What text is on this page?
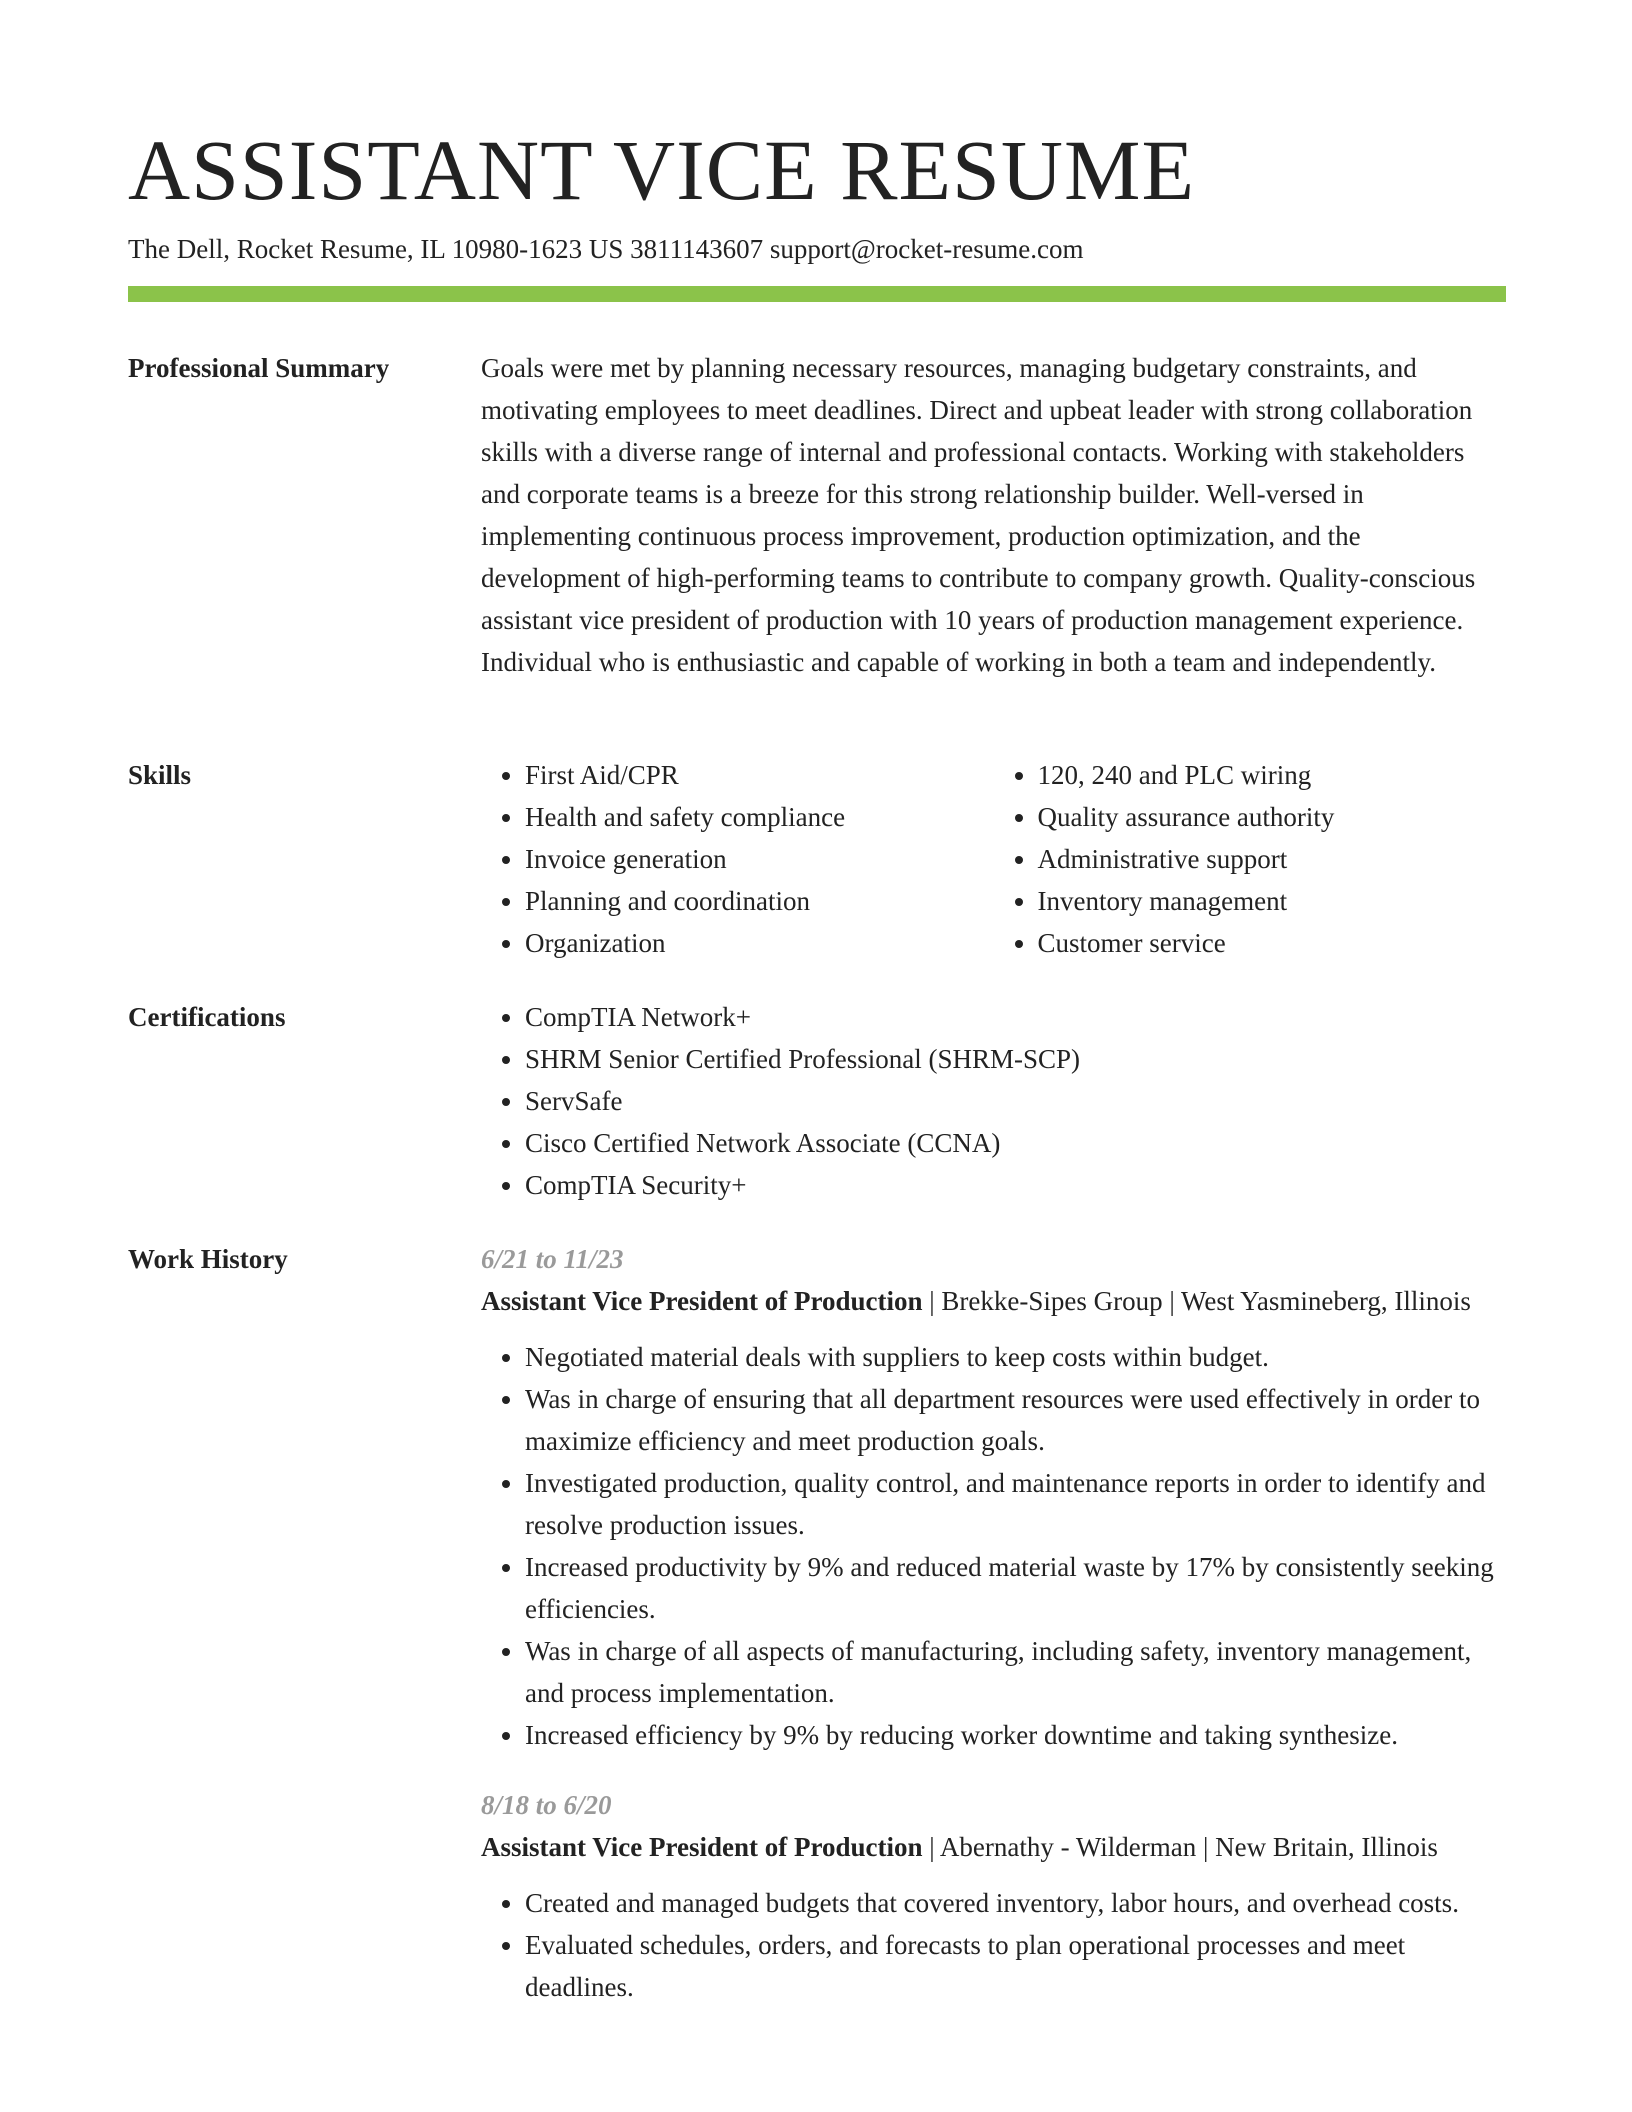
ASSISTANT VICE RESUME
The Dell, Rocket Resume, IL 10980-1623 US 3811143607 support@rocket-resume.com
Professional Summary	Goals were met by planning necessary resources, managing budgetary constraints, and motivating employees to meet deadlines. Direct and upbeat leader with strong collaboration skills with a diverse range of internal and professional contacts. Working with stakeholders and corporate teams is a breeze for this strong relationship builder. Well-versed in implementing continuous process improvement, production optimization, and the development of high-performing teams to contribute to company growth. Quality-conscious assistant vice president of production with 10 years of production management experience. Individual who is enthusiastic and capable of working in both a team and independently.

Skills	• First Aid/CPR
• Health and safety compliance
• Invoice generation
• Planning and coordination
• Organization
• 120, 240 and PLC wiring
• Quality assurance authority
• Administrative support
• Inventory management
• Customer service
Certifications	• CompTIA Network+
• SHRM Senior Certified Professional (SHRM-SCP)
• ServSafe
• Cisco Certified Network Associate (CCNA)
• CompTIA Security+
Work History	6/21 to 11/23
Assistant Vice President of Production | Brekke-Sipes Group | West Yasmineberg, Illinois
• Negotiated material deals with suppliers to keep costs within budget.
• Was in charge of ensuring that all department resources were used effectively in order to maximize efficiency and meet production goals.
• Investigated production, quality control, and maintenance reports in order to identify and resolve production issues.
• Increased productivity by 9% and reduced material waste by 17% by consistently seeking efficiencies.
• Was in charge of all aspects of manufacturing, including safety, inventory management, and process implementation.
• Increased efficiency by 9% by reducing worker downtime and taking synthesize.
8/18 to 6/20
Assistant Vice President of Production | Abernathy - Wilderman | New Britain, Illinois
• Created and managed budgets that covered inventory, labor hours, and overhead costs.
• Evaluated schedules, orders, and forecasts to plan operational processes and meet deadlines.
